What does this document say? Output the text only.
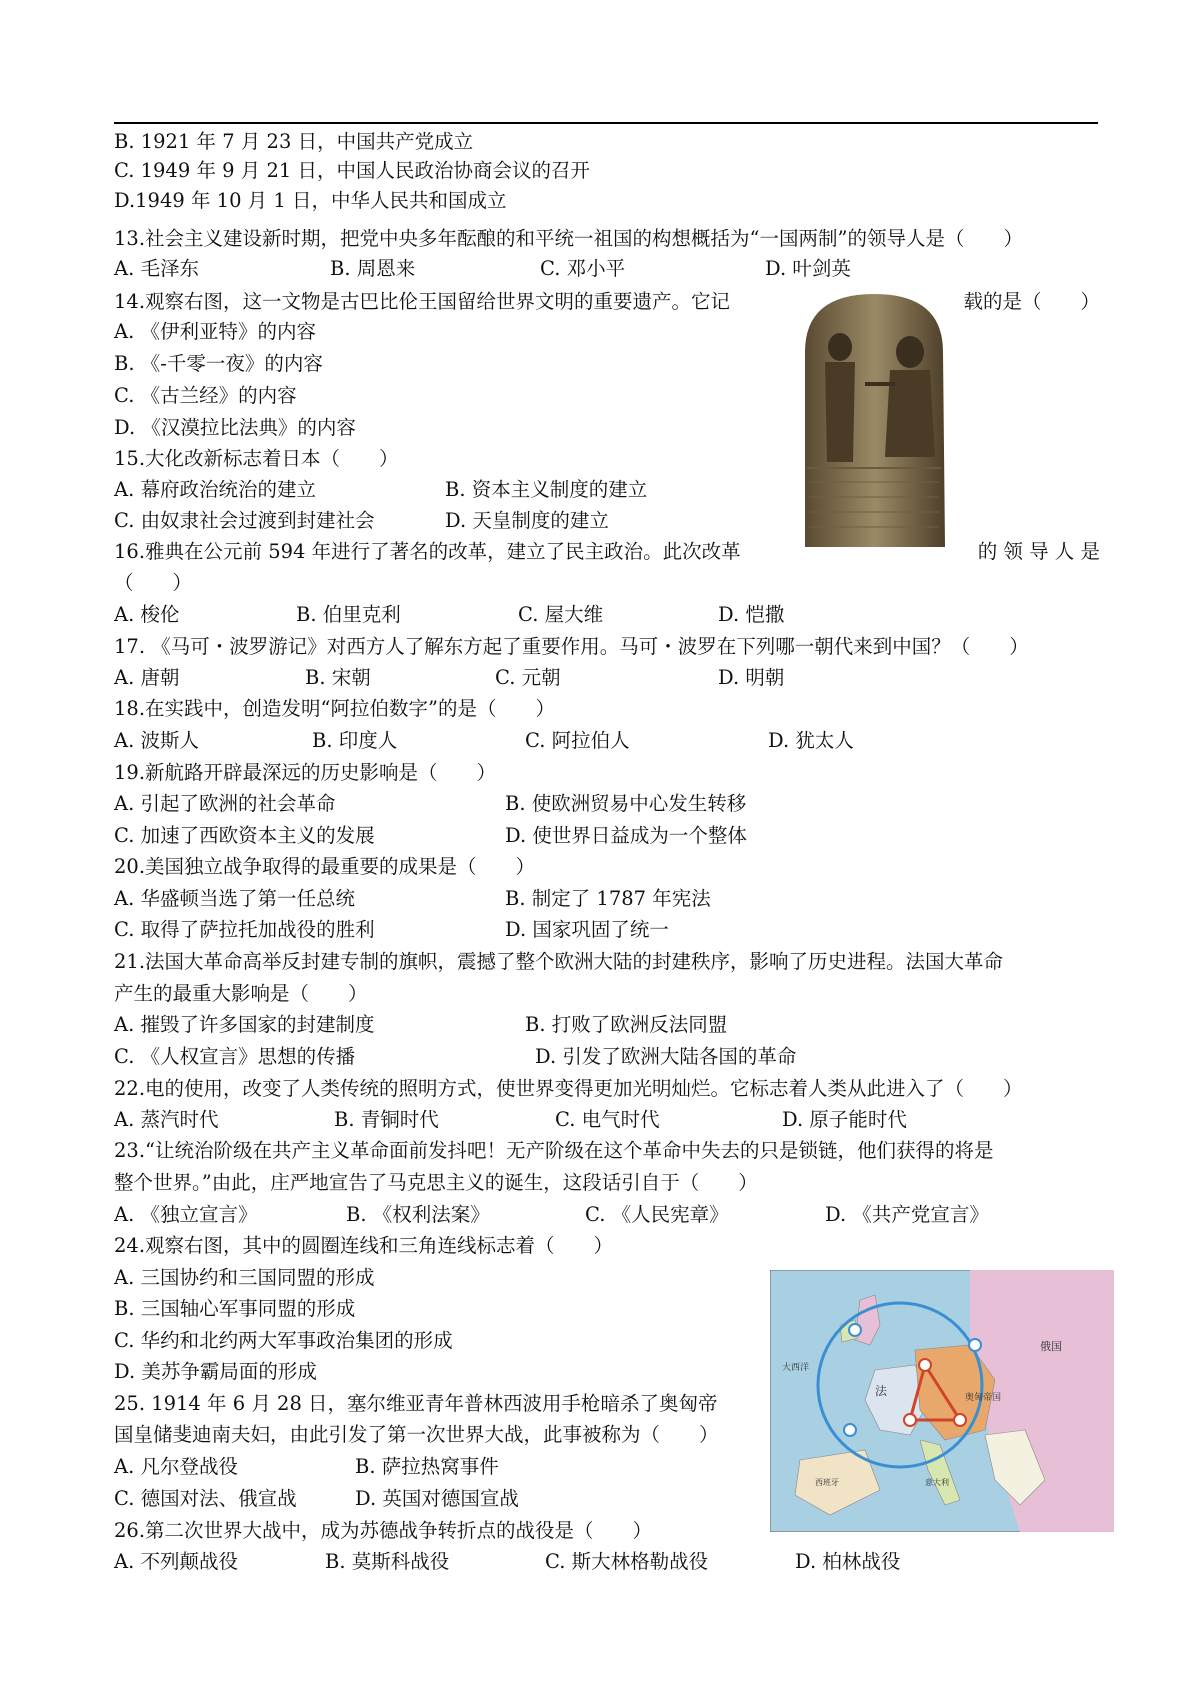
B. 1921 年 7 月 23 日，中国共产党成立
C. 1949 年 9 月 21 日，中国人民政治协商会议的召开
D.1949 年 10 月 1 日，中华人民共和国成立
13.社会主义建设新时期，把党中央多年酝酿的和平统一祖国的构想概括为“一国两制”的领导人是（　　）
A. 毛泽东	B. 周恩来	C. 邓小平	D. 叶剑英
14.观察右图，这一文物是古巴比伦王国留给世界文明的重要遗产。它记	载的是（　　）
A. 《伊利亚特》的内容
B. 《-千零一夜》的内容
C. 《古兰经》的内容
D. 《汉漠拉比法典》的内容
15.大化改新标志着日本（　　）
A. 幕府政治统治的建立	B. 资本主义制度的建立
C. 由奴隶社会过渡到封建社会	D. 天皇制度的建立
16.雅典在公元前 594 年进行了著名的改革，建立了民主政治。此次改革	的 领 导 人 是
（　　）
A. 梭伦	B. 伯里克利	C. 屋大维	D. 恺撒
17. 《马可・波罗游记》对西方人了解东方起了重要作用。马可・波罗在下列哪一朝代来到中国？（　　）
A. 唐朝	B. 宋朝	C. 元朝	D. 明朝
18.在实践中，创造发明“阿拉伯数字”的是（　　）
A. 波斯人	B. 印度人	C. 阿拉伯人	D. 犹太人
19.新航路开辟最深远的历史影响是（　　）
A. 引起了欧洲的社会革命	B. 使欧洲贸易中心发生转移
C. 加速了西欧资本主义的发展	D. 使世界日益成为一个整体
20.美国独立战争取得的最重要的成果是（　　）
A. 华盛顿当选了第一任总统	B. 制定了 1787 年宪法
C. 取得了萨拉托加战役的胜利	D. 国家巩固了统一
21.法国大革命高举反封建专制的旗帜，震撼了整个欧洲大陆的封建秩序，影响了历史进程。法国大革命
产生的最重大影响是（　　）
A. 摧毁了许多国家的封建制度	B. 打败了欧洲反法同盟
C. 《人权宣言》思想的传播	D. 引发了欧洲大陆各国的革命
22.电的使用，改变了人类传统的照明方式，使世界变得更加光明灿烂。它标志着人类从此进入了（　　）
A. 蒸汽时代	B. 青铜时代	C. 电气时代	D. 原子能时代
23.“让统治阶级在共产主义革命面前发抖吧！无产阶级在这个革命中失去的只是锁链，他们获得的将是
整个世界。”由此，庄严地宣告了马克思主义的诞生，这段话引自于（　　）
A. 《独立宣言》	B. 《权利法案》	C. 《人民宪章》	D. 《共产党宣言》
24.观察右图，其中的圆圈连线和三角连线标志着（　　）
A. 三国协约和三国同盟的形成
B. 三国轴心军事同盟的形成
C. 华约和北约两大军事政治集团的形成
D. 美苏争霸局面的形成
25. 1914 年 6 月 28 日，塞尔维亚青年普林西波用手枪暗杀了奥匈帝
国皇储斐迪南夫妇，由此引发了第一次世界大战，此事被称为（　　）
A. 凡尔登战役	B. 萨拉热窝事件
C. 德国对法、俄宣战	D. 英国对德国宣战
俄国
法	奥匈帝国
意大利
大西洋
西班牙
26.第二次世界大战中，成为苏德战争转折点的战役是（　　）
A. 不列颠战役	B. 莫斯科战役	C. 斯大林格勒战役	D. 柏林战役
